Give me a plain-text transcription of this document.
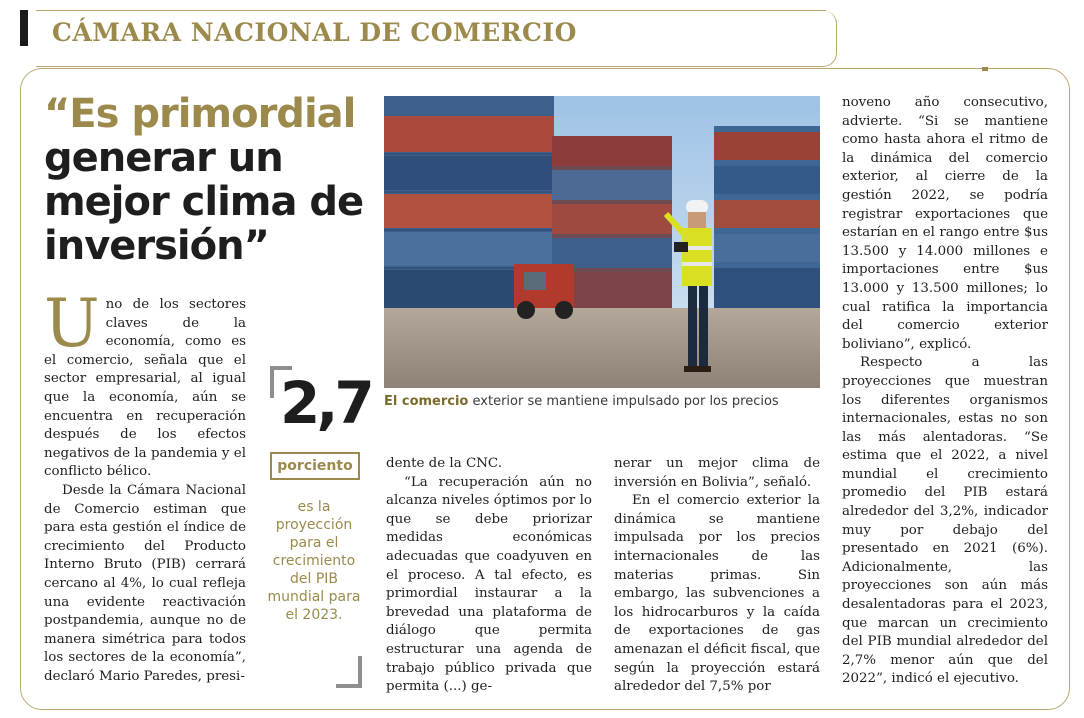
CÁMARA NACIONAL DE COMERCIO
“Es primordial
generar un
mejor clima de
inversión”
El comercio exterior se mantiene impulsado por los precios

U no de los sectores claves de la economía, como es el comercio, señala que el sector empresarial, al igual que la economía, aún se encuentra en recuperación después de los efectos negativos de la pandemia y el conflicto bélico.

Desde la Cámara Nacional de Comercio estiman que para esta gestión el índice de crecimiento del Producto Interno Bruto (PIB) cerrará cercano al 4%, lo cual refleja una evidente reactivación postpandemia, aunque no de manera simétrica para todos los sectores de la economía”, declaró Mario Paredes, presi-

2,7
porciento
es la proyección para el crecimiento del PIB mundial para el 2023.

dente de la CNC.

“La recuperación aún no alcanza niveles óptimos por lo que se debe priorizar medidas económicas adecuadas que coadyuven en el proceso. A tal efecto, es primordial instaurar a la brevedad una plataforma de diálogo que permita estructurar una agenda de trabajo público privada que permita (...) ge-

nerar un mejor clima de inversión en Bolivia”, señaló.

En el comercio exterior la dinámica se mantiene impulsada por los precios internacionales de las materias primas. Sin embargo, las subvenciones a los hidrocarburos y la caída de exportaciones de gas amenazan el déficit fiscal, que según la proyección estará alrededor del 7,5% por

noveno año consecutivo, advierte. “Si se mantiene como hasta ahora el ritmo de la dinámica del comercio exterior, al cierre de la gestión 2022, se podría registrar exportaciones que estarían en el rango entre $us 13.500 y 14.000 millones e importaciones entre $us 13.000 y 13.500 millones; lo cual ratifica la importancia del comercio exterior boliviano”, explicó.

Respecto a las proyecciones que muestran los diferentes organismos internacionales, estas no son las más alentadoras. “Se estima que el 2022, a nivel mundial el crecimiento promedio del PIB estará alrededor del 3,2%, indicador muy por debajo del presentado en 2021 (6%). Adicionalmente, las proyecciones son aún más desalentadoras para el 2023, que marcan un crecimiento del PIB mundial alrededor del 2,7% menor aún que del 2022”, indicó el ejecutivo.
